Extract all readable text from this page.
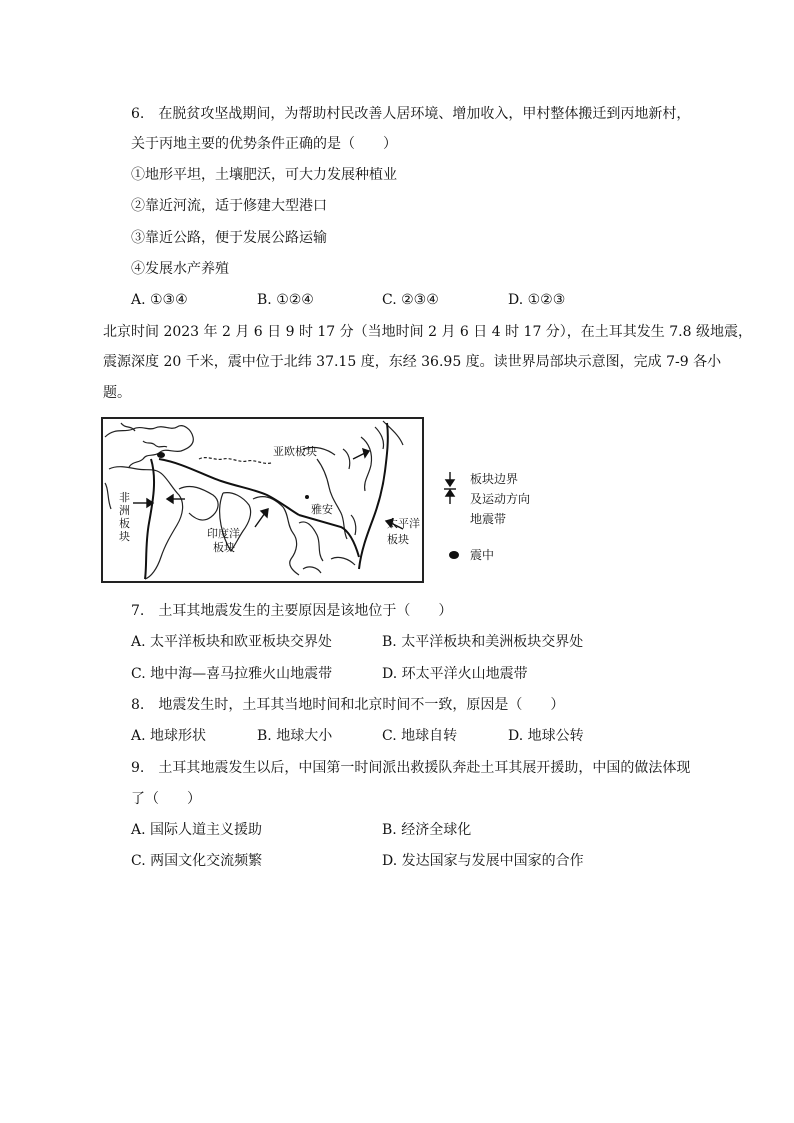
6.　在脱贫攻坚战期间，为帮助村民改善人居环境、增加收入，甲村整体搬迁到丙地新村，
关于丙地主要的优势条件正确的是（　　）
①地形平坦，土壤肥沃，可大力发展种植业
②靠近河流，适于修建大型港口
③靠近公路，便于发展公路运输
④发展水产养殖
A. ①③④	B. ①②④	C. ②③④	D. ①②③
北京时间 2023 年 2 月 6 日 9 时 17 分（当地时间 2 月 6 日 4 时 17 分），在土耳其发生 7.8 级地震，
震源深度 20 千米，震中位于北纬 37.15 度，东经 36.95 度。读世界局部块示意图，完成 7-9 各小
题。
亚欧板块
非洲板块	印度洋
板块
雅安
太平洋
板块
板块边界
及运动方向
地震带
震中
7.　土耳其地震发生的主要原因是该地位于（　　）
A. 太平洋板块和欧亚板块交界处	B. 太平洋板块和美洲板块交界处
C. 地中海—喜马拉雅火山地震带	D. 环太平洋火山地震带
8.　地震发生时，土耳其当地时间和北京时间不一致，原因是（　　）
A. 地球形状	B. 地球大小	C. 地球自转	D. 地球公转
9.　土耳其地震发生以后，中国第一时间派出救援队奔赴土耳其展开援助，中国的做法体现
了（　　）
A. 国际人道主义援助	B. 经济全球化
C. 两国文化交流频繁	D. 发达国家与发展中国家的合作
